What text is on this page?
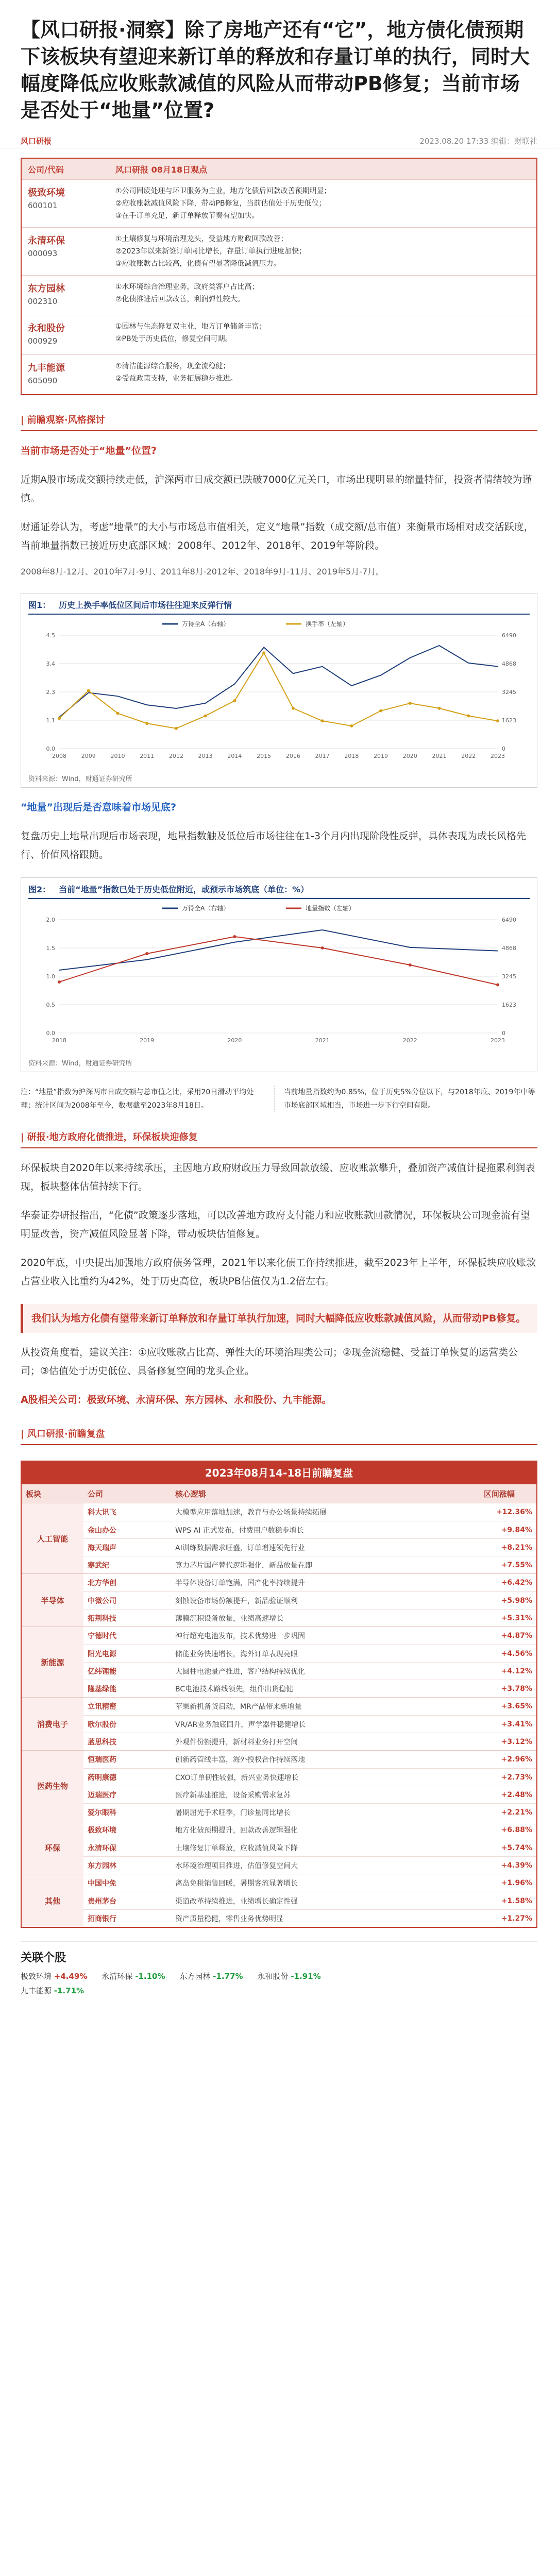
【风口研报·洞察】除了房地产还有“它”，地方债化债预期下该板块有望迎来新订单的释放和存量订单的执行，同时大幅度降低应收账款减值的风险从而带动PB修复；当前市场是否处于“地量”位置?
风口研报	2023.08.20 17:33 编辑：财联社
公司/代码	风口研报 08月18日观点
极致环境
600101
①公司固废处理与环卫服务为主业，地方化债后回款改善预期明显；
②应收账款减值风险下降，带动PB修复，当前估值处于历史低位；
③在手订单充足，新订单释放节奏有望加快。
永清环保
000093
①土壤修复与环境治理龙头，受益地方财政回款改善；
②2023年以来新签订单同比增长，存量订单执行进度加快；
③应收账款占比较高，化债有望显著降低减值压力。
东方园林
002310
①水环境综合治理业务，政府类客户占比高；
②化债推进后回款改善，利润弹性较大。
永和股份
000929
①园林与生态修复双主业，地方订单储备丰富；
②PB处于历史低位，修复空间可期。
九丰能源
605090
①清洁能源综合服务，现金流稳健；
②受益政策支持，业务拓展稳步推进。
| 前瞻观察·风格探讨
当前市场是否处于“地量”位置?
近期A股市场成交额持续走低，沪深两市日成交额已跌破7000亿元关口，市场出现明显的缩量特征，投资者情绪较为谨慎。
财通证券认为，考虑“地量”的大小与市场总市值相关，定义“地量”指数（成交额/总市值）来衡量市场相对成交活跃度，当前地量指数已接近历史底部区域：2008年、2012年、2018年、2019年等阶段。
2008年8月-12月、2010年7月-9月、2011年8月-2012年、2018年9月-11月、2019年5月-7月。
图1： 历史上换手率低位区间后市场往往迎来反弹行情
0.0	0
1.1	1623
2.3	3245
3.4	4868
4.5	6490
2008	2009	2010	2011	2012	2013	2014	2015	2016	2017	2018	2019	2020	2021	2022	2023
万得全A（右轴）	换手率（左轴）
资料来源：Wind，财通证券研究所
“地量”出现后是否意味着市场见底?
复盘历史上地量出现后市场表现，地量指数触及低位后市场往往在1-3个月内出现阶段性反弹，具体表现为成长风格先行、价值风格跟随。
图2： 当前“地量”指数已处于历史低位附近，或预示市场筑底（单位：%）
0.0	0
0.5	1623
1.0	3245
1.5	4868
2.0	6490
2018	2019	2020	2021	2022	2023
万得全A（右轴）	地量指数（左轴）
资料来源：Wind，财通证券研究所
注：“地量”指数为沪深两市日成交额与总市值之比，采用20日滑动平均处理；统计区间为2008年至今，数据截至2023年8月18日。
当前地量指数约为0.85%，位于历史5%分位以下，与2018年底、2019年中等市场底部区域相当，市场进一步下行空间有限。
| 研报·地方政府化债推进，环保板块迎修复
环保板块自2020年以来持续承压，主因地方政府财政压力导致回款放缓、应收账款攀升，叠加资产减值计提拖累利润表现，板块整体估值持续下行。
华泰证券研报指出，“化债”政策逐步落地，可以改善地方政府支付能力和应收账款回款情况，环保板块公司现金流有望明显改善，资产减值风险显著下降，带动板块估值修复。
2020年底，中央提出加强地方政府债务管理，2021年以来化债工作持续推进，截至2023年上半年，环保板块应收账款占营业收入比重约为42%，处于历史高位，板块PB估值仅为1.2倍左右。
我们认为地方化债有望带来新订单释放和存量订单执行加速，同时大幅降低应收账款减值风险，从而带动PB修复。
从投资角度看，建议关注：①应收账款占比高、弹性大的环境治理类公司；②现金流稳健、受益订单恢复的运营类公司；③估值处于历史低位、具备修复空间的龙头企业。
A股相关公司：极致环境、永清环保、东方园林、永和股份、九丰能源。
| 风口研报·前瞻复盘
2023年08月14-18日前瞻复盘
板块	公司	核心逻辑	区间涨幅
人工智能
科大讯飞	大模型应用落地加速，教育与办公场景持续拓展	+12.36%
金山办公	WPS AI 正式发布，付费用户数稳步增长	+9.84%
海天瑞声	AI训练数据需求旺盛，订单增速领先行业	+8.21%
寒武纪	算力芯片国产替代逻辑强化，新品放量在即	+7.55%
半导体
北方华创	半导体设备订单饱满，国产化率持续提升	+6.42%
中微公司	刻蚀设备市场份额提升，新品验证顺利	+5.98%
拓荆科技	薄膜沉积设备放量，业绩高速增长	+5.31%
新能源
宁德时代	神行超充电池发布，技术优势进一步巩固	+4.87%
阳光电源	储能业务快速增长，海外订单表现亮眼	+4.56%
亿纬锂能	大圆柱电池量产推进，客户结构持续优化	+4.12%
隆基绿能	BC电池技术路线领先，组件出货稳健	+3.78%
消费电子
立讯精密	苹果新机备货启动，MR产品带来新增量	+3.65%
歌尔股份	VR/AR业务触底回升，声学器件稳健增长	+3.41%
蓝思科技	外观件份额提升，新材料业务打开空间	+3.12%
医药生物
恒瑞医药	创新药管线丰富，海外授权合作持续落地	+2.96%
药明康德	CXO订单韧性较强，新兴业务快速增长	+2.73%
迈瑞医疗	医疗新基建推进，设备采购需求复苏	+2.48%
爱尔眼科	暑期屈光手术旺季，门诊量同比增长	+2.21%
环保
极致环境	地方化债预期提升，回款改善逻辑强化	+6.88%
永清环保	土壤修复订单释放，应收减值风险下降	+5.74%
东方园林	水环境治理项目推进，估值修复空间大	+4.39%
其他
中国中免	离岛免税销售回暖，暑期客流显著增长	+1.96%
贵州茅台	渠道改革持续推进，业绩增长确定性强	+1.58%
招商银行	资产质量稳健，零售业务优势明显	+1.27%
关联个股
极致环境 +4.49% 永清环保 -1.10% 东方园林 -1.77% 永和股份 -1.91%
九丰能源 -1.71%
